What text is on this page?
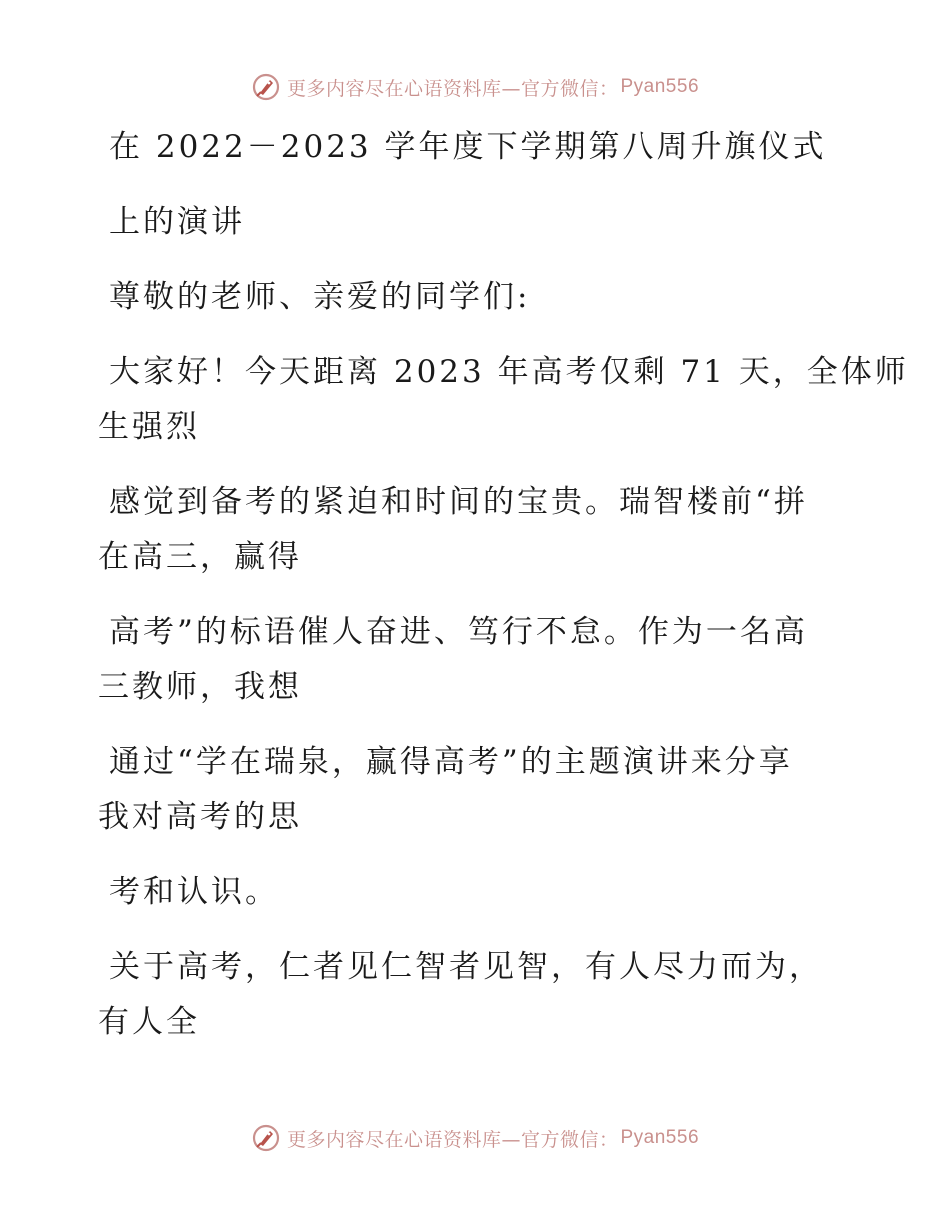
更多内容尽在心语资料库—官方微信： Pyan556
在 2022－2023 学年度下学期第八周升旗仪式
上的演讲
尊敬的老师、亲爱的同学们:
大家好！今天距离 2023 年高考仅剩 71 天，全体师
生强烈
感觉到备考的紧迫和时间的宝贵。瑞智楼前“拼
在高三，赢得
高考”的标语催人奋进、笃行不怠。作为一名高
三教师，我想
通过“学在瑞泉，赢得高考”的主题演讲来分享
我对高考的思
考和认识。
关于高考，仁者见仁智者见智，有人尽力而为，
有人全
更多内容尽在心语资料库—官方微信： Pyan556
